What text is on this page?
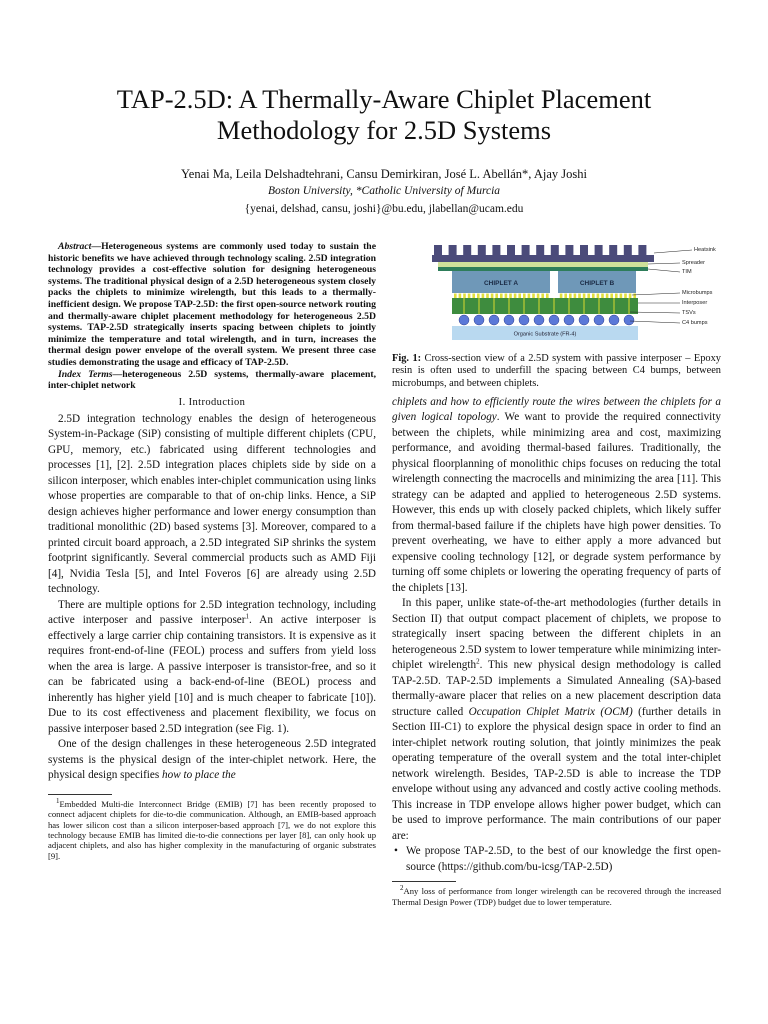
TAP-2.5D: A Thermally-Aware Chiplet Placement
Methodology for 2.5D Systems
Yenai Ma, Leila Delshadtehrani, Cansu Demirkiran, José L. Abellán*, Ajay Joshi
Boston University, *Catholic University of Murcia
{yenai, delshad, cansu, joshi}@bu.edu, jlabellan@ucam.edu

Abstract—Heterogeneous systems are commonly used today to sustain the historic benefits we have achieved through technology scaling. 2.5D integration technology provides a cost-effective solution for designing heterogeneous systems. The traditional physical design of a 2.5D heterogeneous system closely packs the chiplets to minimize wirelength, but this leads to a thermally-inefficient design. We propose TAP-2.5D: the first open-source network routing and thermally-aware chiplet placement methodology for heterogeneous 2.5D systems. TAP-2.5D strategically inserts spacing between chiplets to jointly minimize the temperature and total wirelength, and in turn, increases the thermal design power envelope of the overall system. We present three case studies demonstrating the usage and efficacy of TAP-2.5D.

Index Terms—heterogeneous 2.5D systems, thermally-aware placement, inter-chiplet network

I. Introduction

2.5D integration technology enables the design of heterogeneous System-in-Package (SiP) consisting of multiple different chiplets (CPU, GPU, memory, etc.) fabricated using different technologies and processes [1], [2]. 2.5D integration places chiplets side by side on a silicon interposer, which enables inter-chiplet communication using links whose properties are comparable to that of on-chip links. Hence, a SiP design achieves higher performance and lower energy consumption than traditional monolithic (2D) based systems [3]. Moreover, compared to a printed circuit board approach, a 2.5D integrated SiP shrinks the system footprint significantly. Several commercial products such as AMD Fiji [4], Nvidia Tesla [5], and Intel Foveros [6] are already using 2.5D technology.

There are multiple options for 2.5D integration technology, including active interposer and passive interposer$^1$. An active interposer is effectively a large carrier chip containing transistors. It is expensive as it requires front-end-of-line (FEOL) process and suffers from yield loss when the area is large. A passive interposer is transistor-free, and so it can be fabricated using a back-end-of-line (BEOL) process and inherently has higher yield [10] and is much cheaper to fabricate [10]). Due to its cost effectiveness and placement flexibility, we focus on passive interposer based 2.5D integration (see Fig. 1).

One of the design challenges in these heterogeneous 2.5D integrated systems is the physical design of the inter-chiplet network. Here, the physical design specifies how to place the

$^1$Embedded Multi-die Interconnect Bridge (EMIB) [7] has been recently proposed to connect adjacent chiplets for die-to-die communication. Although, an EMIB-based approach has lower silicon cost than a silicon interposer-based approach [7], we do not explore this technology because EMIB has limited die-to-die connections per layer [8], can only hook up adjacent chiplets, and also has higher complexity in the manufacturing of organic substrates [9].

CHIPLET A	CHIPLET B
Organic Substrate (FR-4)
Heatsink
Spreader
TIM
Microbumps
Interposer
TSVs
C4 bumps

Fig. 1: Cross-section view of a 2.5D system with passive interposer – Epoxy resin is often used to underfill the spacing between C4 bumps, between microbumps, and between chiplets.

chiplets and how to efficiently route the wires between the chiplets for a given logical topology. We want to provide the required connectivity between the chiplets, while minimizing area and cost, maximizing performance, and avoiding thermal-based failures. Traditionally, the physical floorplanning of monolithic chips focuses on reducing the total wirelength connecting the macrocells and minimizing the area [11]. This strategy can be adapted and applied to heterogeneous 2.5D systems. However, this ends up with closely packed chiplets, which likely suffer from thermal-based failure if the chiplets have high power densities. To prevent overheating, we have to either apply a more advanced but expensive cooling technology [12], or degrade system performance by turning off some chiplets or lowering the operating frequency of parts of the chiplets [13].

In this paper, unlike state-of-the-art methodologies (further details in Section II) that output compact placement of chiplets, we propose to strategically insert spacing between the different chiplets in an heterogeneous 2.5D system to lower temperature while minimizing inter-chiplet wirelength$^2$. This new physical design methodology is called TAP-2.5D. TAP-2.5D implements a Simulated Annealing (SA)-based thermally-aware placer that relies on a new placement description data structure called Occupation Chiplet Matrix (OCM) (further details in Section III-C1) to explore the physical design space in order to find an inter-chiplet network routing solution, that jointly minimizes the peak operating temperature of the overall system and the total inter-chiplet network wirelength. Besides, TAP-2.5D is able to increase the TDP envelope without using any advanced and costly active cooling methods. This increase in TDP envelope allows higher power budget, which can be used to improve performance. The main contributions of our paper are:

• We propose TAP-2.5D, to the best of our knowledge the first open-source (https://github.com/bu-icsg/TAP-2.5D)

$^2$Any loss of performance from longer wirelength can be recovered through the increased Thermal Design Power (TDP) budget due to lower temperature.
